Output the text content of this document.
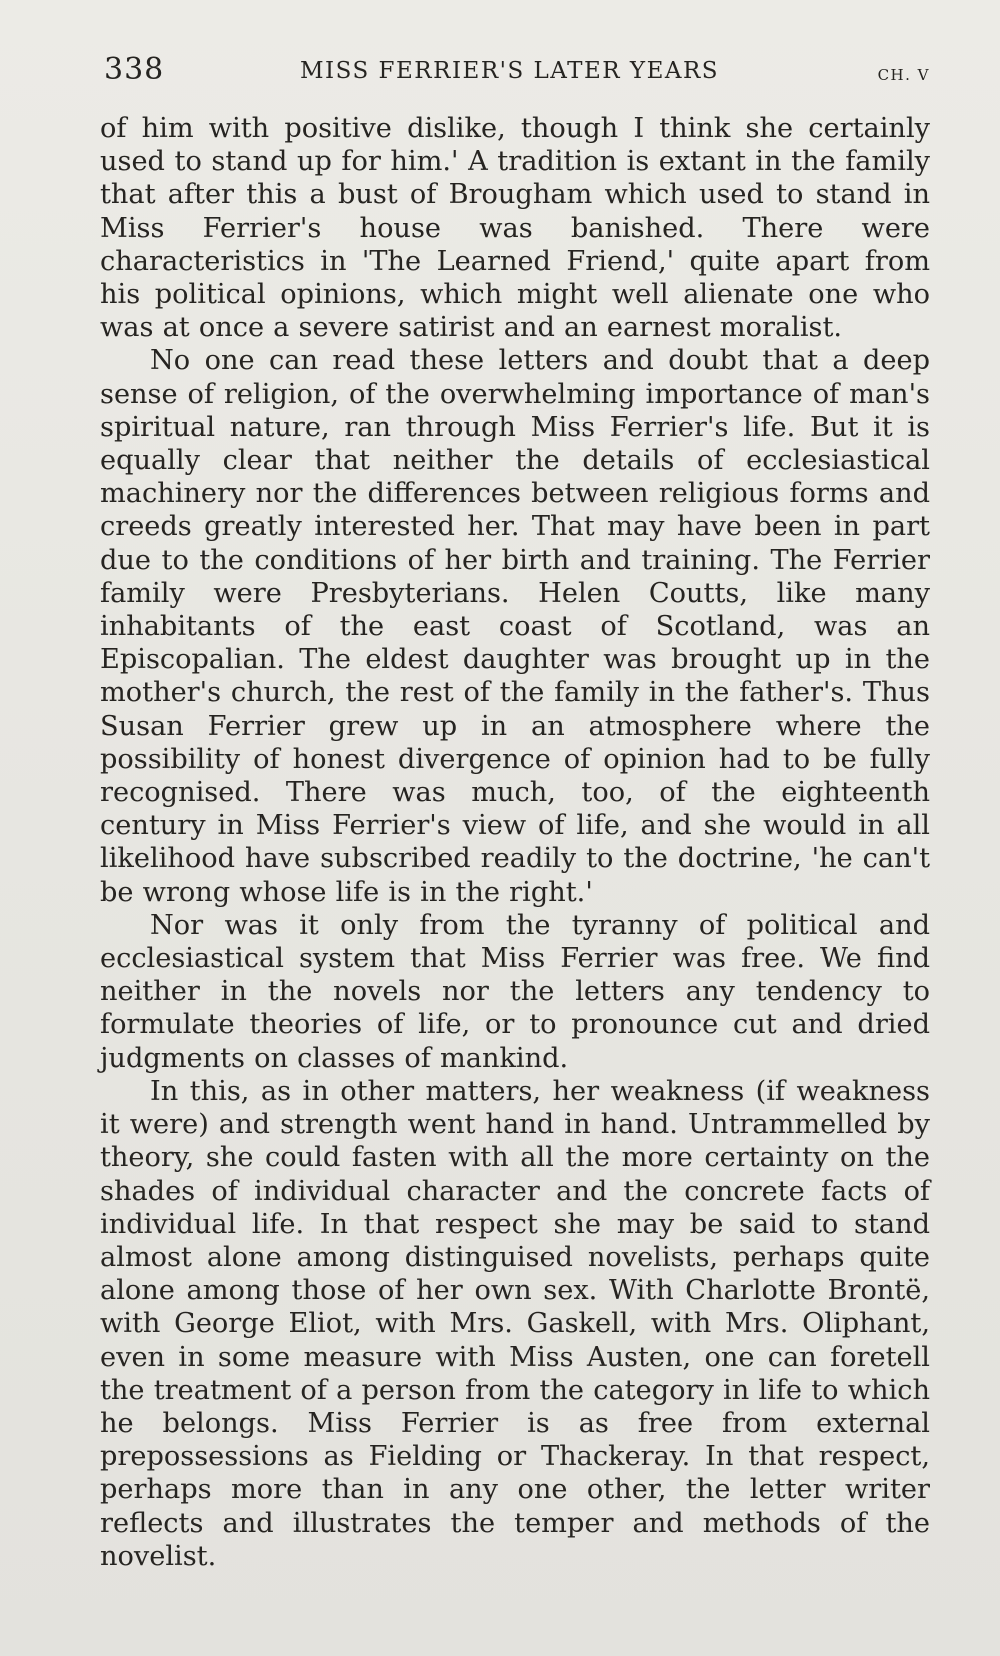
338	MISS FERRIER'S LATER YEARS	CH. V

of him with positive dislike, though I think she certainly used to stand up for him.' A tradition is extant in the family that after this a bust of Brougham which used to stand in Miss Ferrier's house was banished. There were characteristics in 'The Learned Friend,' quite apart from his political opinions, which might well alienate one who was at once a severe satirist and an earnest moralist.

No one can read these letters and doubt that a deep sense of religion, of the overwhelming importance of man's spiritual nature, ran through Miss Ferrier's life. But it is equally clear that neither the details of ecclesiastical machinery nor the differences between religious forms and creeds greatly interested her. That may have been in part due to the conditions of her birth and training. The Ferrier family were Presbyterians. Helen Coutts, like many inhabitants of the east coast of Scotland, was an Episcopalian. The eldest daughter was brought up in the mother's church, the rest of the family in the father's. Thus Susan Ferrier grew up in an atmosphere where the possibility of honest divergence of opinion had to be fully recognised. There was much, too, of the eighteenth century in Miss Ferrier's view of life, and she would in all likelihood have subscribed readily to the doctrine, 'he can't be wrong whose life is in the right.'

Nor was it only from the tyranny of political and ecclesiastical system that Miss Ferrier was free. We find neither in the novels nor the letters any tendency to formulate theories of life, or to pronounce cut and dried judgments on classes of mankind.

In this, as in other matters, her weakness (if weakness it were) and strength went hand in hand. Untrammelled by theory, she could fasten with all the more certainty on the shades of individual character and the concrete facts of individual life. In that respect she may be said to stand almost alone among distinguised novelists, perhaps quite alone among those of her own sex. With Charlotte Brontë, with George Eliot, with Mrs. Gaskell, with Mrs. Oliphant, even in some measure with Miss Austen, one can foretell the treatment of a person from the category in life to which he belongs. Miss Ferrier is as free from external prepossessions as Fielding or Thackeray. In that respect, perhaps more than in any one other, the letter writer reflects and illustrates the temper and methods of the novelist.
